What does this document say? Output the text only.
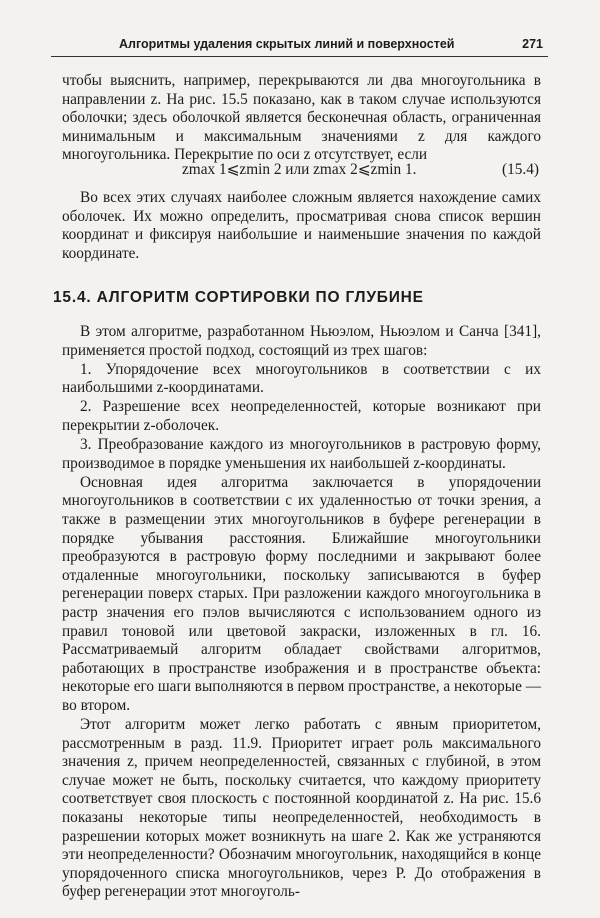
Алгоритмы удаления скрытых линий и поверхностей	271

чтобы выяснить, например, перекрываются ли два многоугольника в направлении z. На рис. 15.5 показано, как в таком случае используются оболочки; здесь оболочкой является бесконечная область, ограниченная минимальным и максимальным значениями z для каждого многоугольника. Перекрытие по оси z отсутствует, если

zmax 1⩽zmin 2 или zmax 2⩽zmin 1.	(15.4)

Во всех этих случаях наиболее сложным является нахождение самих оболочек. Их можно определить, просматривая снова список вершин координат и фиксируя наибольшие и наименьшие значения по каждой координате.

15.4. АЛГОРИТМ СОРТИРОВКИ ПО ГЛУБИНЕ

В этом алгоритме, разработанном Ньюэлом, Ньюэлом и Санча [341], применяется простой подход, состоящий из трех шагов:

1. Упорядочение всех многоугольников в соответствии с их наибольшими z-координатами.

2. Разрешение всех неопределенностей, которые возникают при перекрытии z-оболочек.

3. Преобразование каждого из многоугольников в растровую форму, производимое в порядке уменьшения их наибольшей z-координаты.

Основная идея алгоритма заключается в упорядочении многоугольников в соответствии с их удаленностью от точки зрения, а также в размещении этих многоугольников в буфере регенерации в порядке убывания расстояния. Ближайшие многоугольники преобразуются в растровую форму последними и закрывают более отдаленные многоугольники, поскольку записываются в буфер регенерации поверх старых. При разложении каждого многоугольника в растр значения его пэлов вычисляются с использованием одного из правил тоновой или цветовой закраски, изложенных в гл. 16. Рассматриваемый алгоритм обладает свойствами алгоритмов, работающих в пространстве изображения и в пространстве объекта: некоторые его шаги выполняются в первом пространстве, а некоторые — во втором.

Этот алгоритм может легко работать с явным приоритетом, рассмотренным в разд. 11.9. Приоритет играет роль максимального значения z, причем неопределенностей, связанных с глубиной, в этом случае может не быть, поскольку считается, что каждому приоритету соответствует своя плоскость с постоянной координатой z. На рис. 15.6 показаны некоторые типы неопределенностей, необходимость в разрешении которых может возникнуть на шаге 2. Как же устраняются эти неопределенности? Обозначим многоугольник, находящийся в конце упорядоченного списка многоугольников, через P. До отображения в буфер регенерации этот многоуголь-
